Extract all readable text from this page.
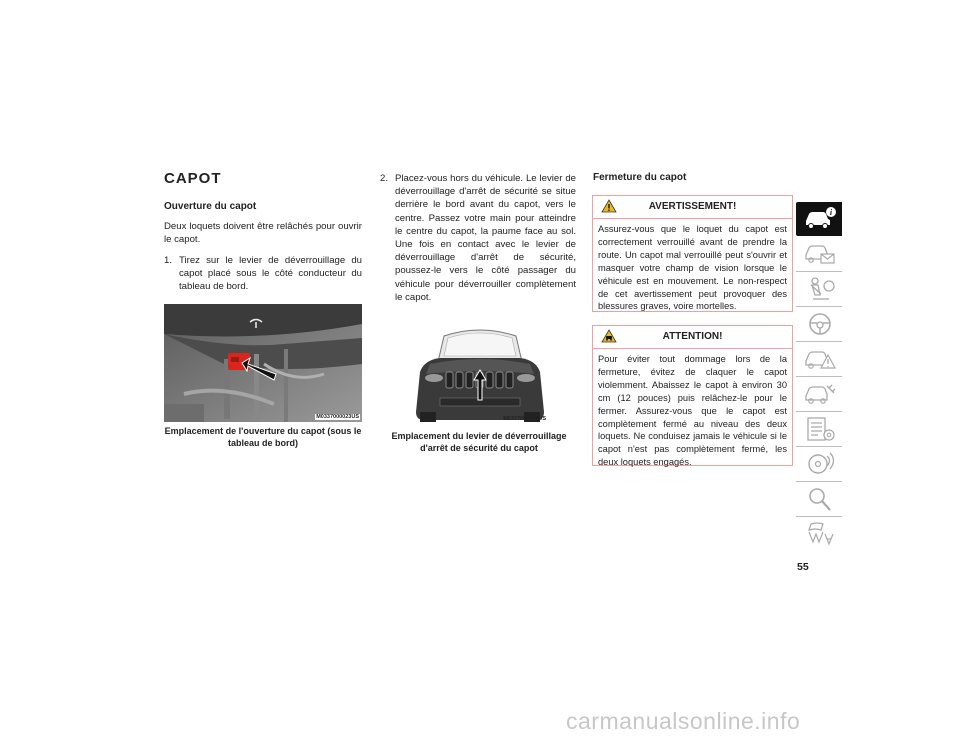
CAPOT
Ouverture du capot
Deux loquets doivent être relâchés pour ouvrir le capot.
1. Tirez sur le levier de déverrouillage du capot placé sous le côté conducteur du tableau de bord.
M0337000023US
Emplacement de l'ouverture du capot (sous le tableau de bord)
2. Placez-vous hors du véhicule. Le levier de déverrouillage d'arrêt de sécurité se situe derrière le bord avant du capot, vers le centre. Passez votre main pour atteindre le centre du capot, la paume face au sol. Une fois en contact avec le levier de déverrouillage d'arrêt de sécurité, poussez-le vers le côté passager du véhicule pour déverrouiller complètement le capot.
M0337000024US
Emplacement du levier de déverrouillage d'arrêt de sécurité du capot
Fermeture du capot
AVERTISSEMENT!
Assurez-vous que le loquet du capot est correctement verrouillé avant de prendre la route. Un capot mal verrouillé peut s'ouvrir et masquer votre champ de vision lorsque le véhicule est en mouvement. Le non-respect de cet avertissement peut provoquer des blessures graves, voire mortelles.
ATTENTION!
Pour éviter tout dommage lors de la fermeture, évitez de claquer le capot violemment. Abaissez le capot à environ 30 cm (12 pouces) puis relâchez-le pour le fermer. Assurez-vous que le capot est complètement fermé au niveau des deux loquets. Ne conduisez jamais le véhicule si le capot n'est pas complètement fermé, les deux loquets engagés.
i
55
carmanualsonline.info
